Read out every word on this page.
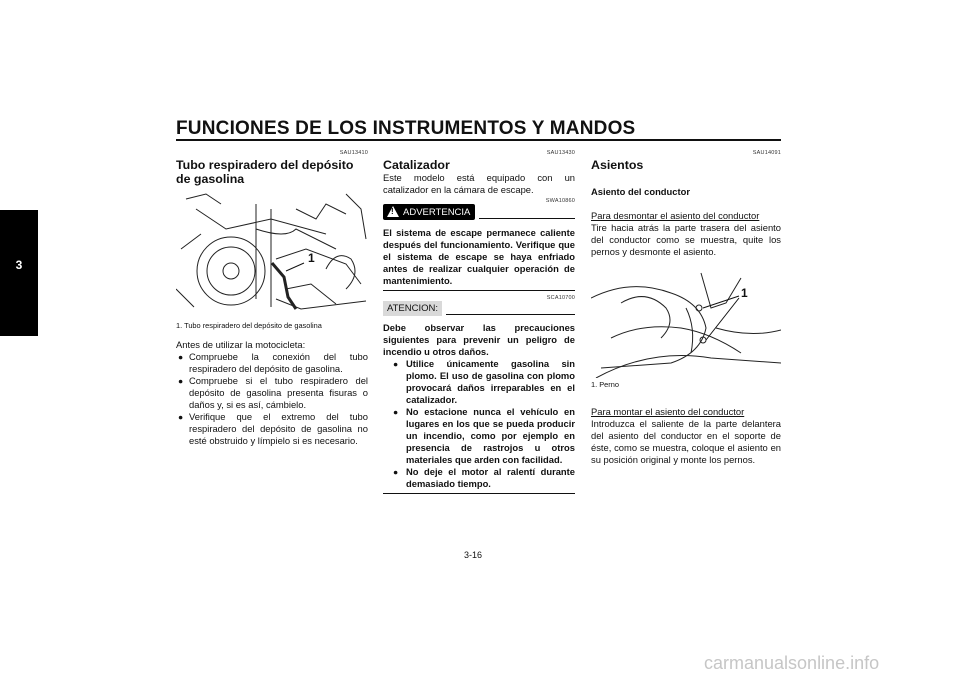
FUNCIONES DE LOS INSTRUMENTOS Y MANDOS
3
SAU13410
Tubo respiradero del depósito de gasolina
1
1. Tubo respiradero del depósito de gasolina

Antes de utilizar la motocicleta:

● Compruebe la conexión del tubo respiradero del depósito de gasolina.

● Compruebe si el tubo respiradero del depósito de gasolina presenta fisuras o daños y, si es así, cámbielo.

● Verifique que el extremo del tubo respiradero del depósito de gasolina no esté obstruido y límpielo si es necesario.

SAU13430
Catalizador

Este modelo está equipado con un catalizador en la cámara de escape.

SWA10860
!ADVERTENCIA

El sistema de escape permanece caliente después del funcionamiento. Verifique que el sistema de escape se haya enfriado antes de realizar cualquier operación de mantenimiento.

SCA10700
ATENCION:

Debe observar las precauciones siguientes para prevenir un peligro de incendio u otros daños.

● Utilice únicamente gasolina sin plomo. El uso de gasolina con plomo provocará daños irreparables en el catalizador.

● No estacione nunca el vehículo en lugares en los que se pueda producir un incendio, como por ejemplo en presencia de rastrojos u otros materiales que arden con facilidad.

● No deje el motor al ralentí durante demasiado tiempo.

SAU14091
Asientos

Asiento del conductor

Para desmontar el asiento del conductor

Tire hacia atrás la parte trasera del asiento del conductor como se muestra, quite los pernos y desmonte el asiento.

1
1. Perno

Para montar el asiento del conductor

Introduzca el saliente de la parte delantera del asiento del conductor en el soporte de éste, como se muestra, coloque el asiento en su posición original y monte los pernos.

3-16
carmanualsonline.info
